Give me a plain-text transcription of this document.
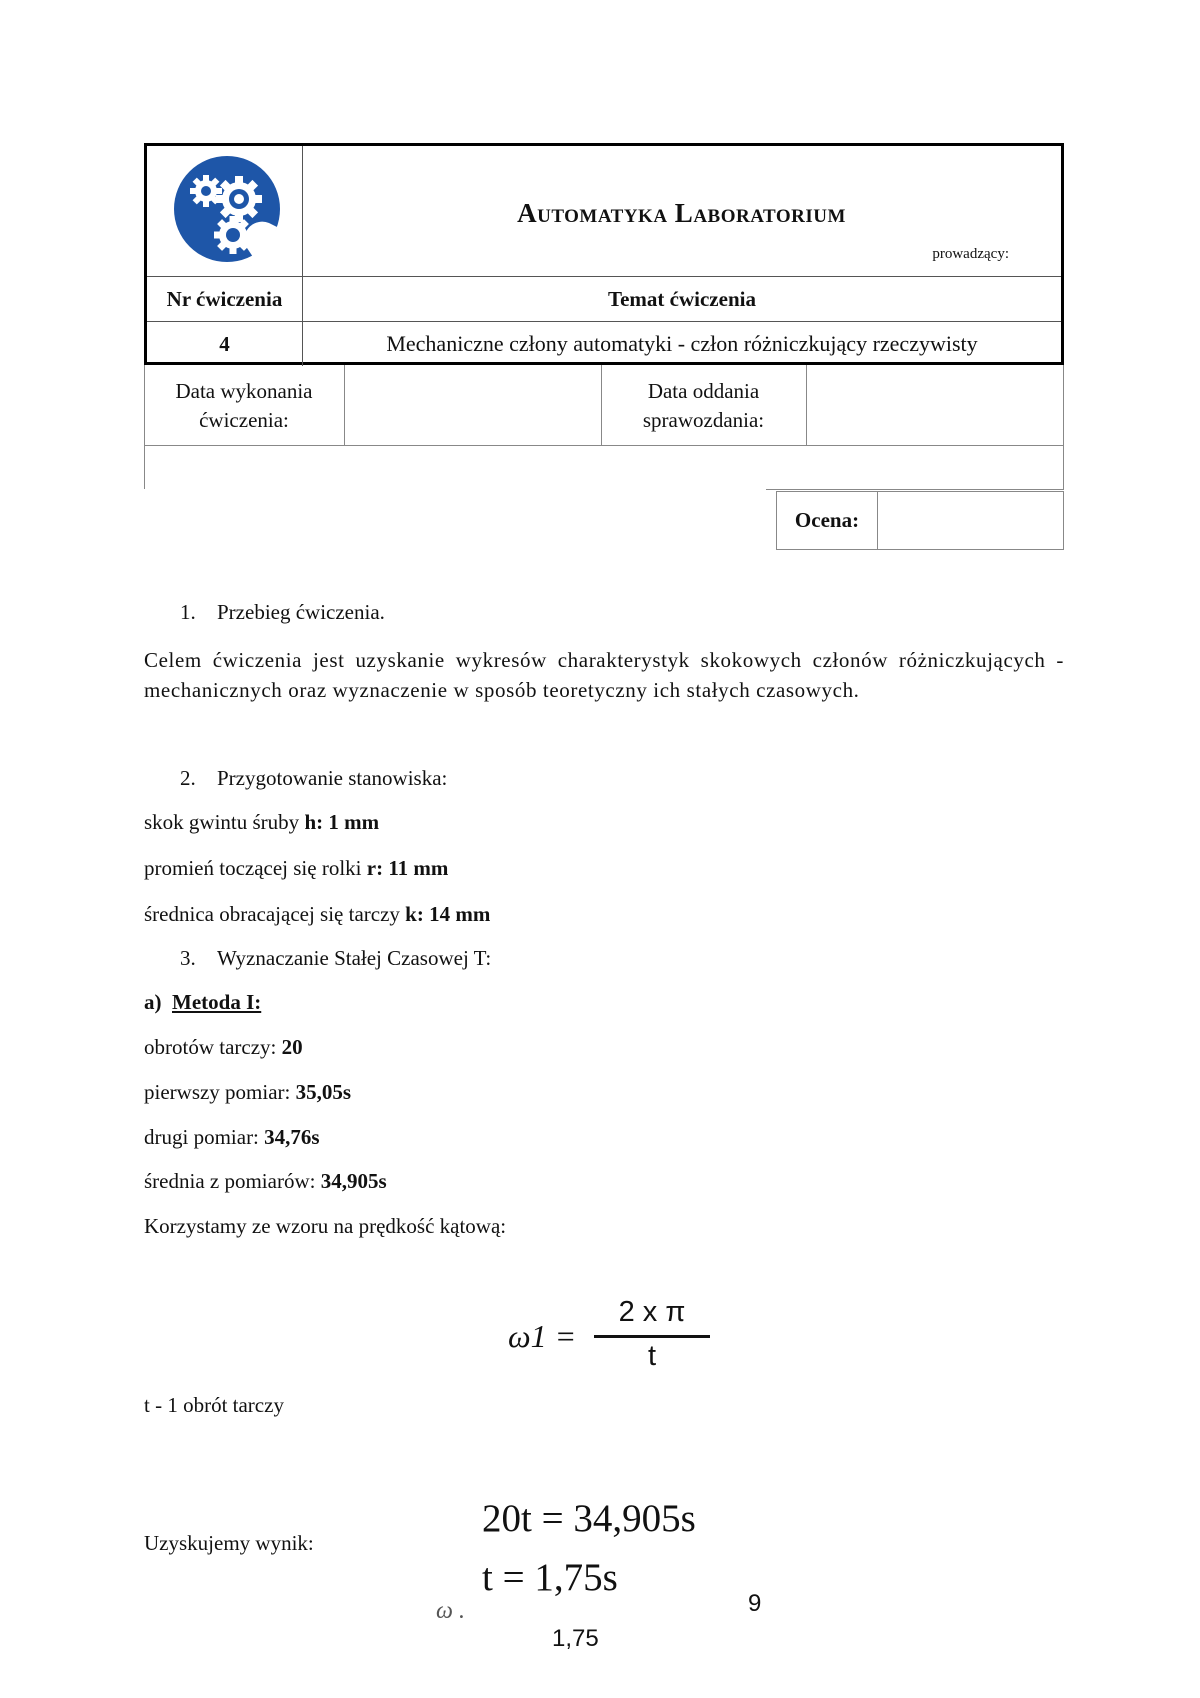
Automatyka Laboratorium
prowadzący:
Nr ćwiczenia	Temat ćwiczenia
4	Mechaniczne człony automatyki - człon różniczkujący rzeczywisty
Data wykonania
ćwiczenia:
Data oddania
sprawozdania:
Ocena:
1. Przebieg ćwiczenia.
Celem ćwiczenia jest uzyskanie wykresów charakterystyk skokowych członów różniczkujących - mechanicznych oraz wyznaczenie w sposób teoretyczny ich stałych czasowych.
2. Przygotowanie stanowiska:
skok gwintu śruby h: 1 mm
promień toczącej się rolki r: 11 mm
średnica obracającej się tarczy k: 14 mm
3. Wyznaczanie Stałej Czasowej T:
a) Metoda I:
obrotów tarczy: 20
pierwszy pomiar: 35,05s
drugi pomiar: 34,76s
średnia z pomiarów: 34,905s
Korzystamy ze wzoru na prędkość kątową:
ω1 =
2 x π
t
t - 1 obrót tarczy
Uzyskujemy wynik:
20t = 34,905s
t = 1,75s
ω .
1,75
9
